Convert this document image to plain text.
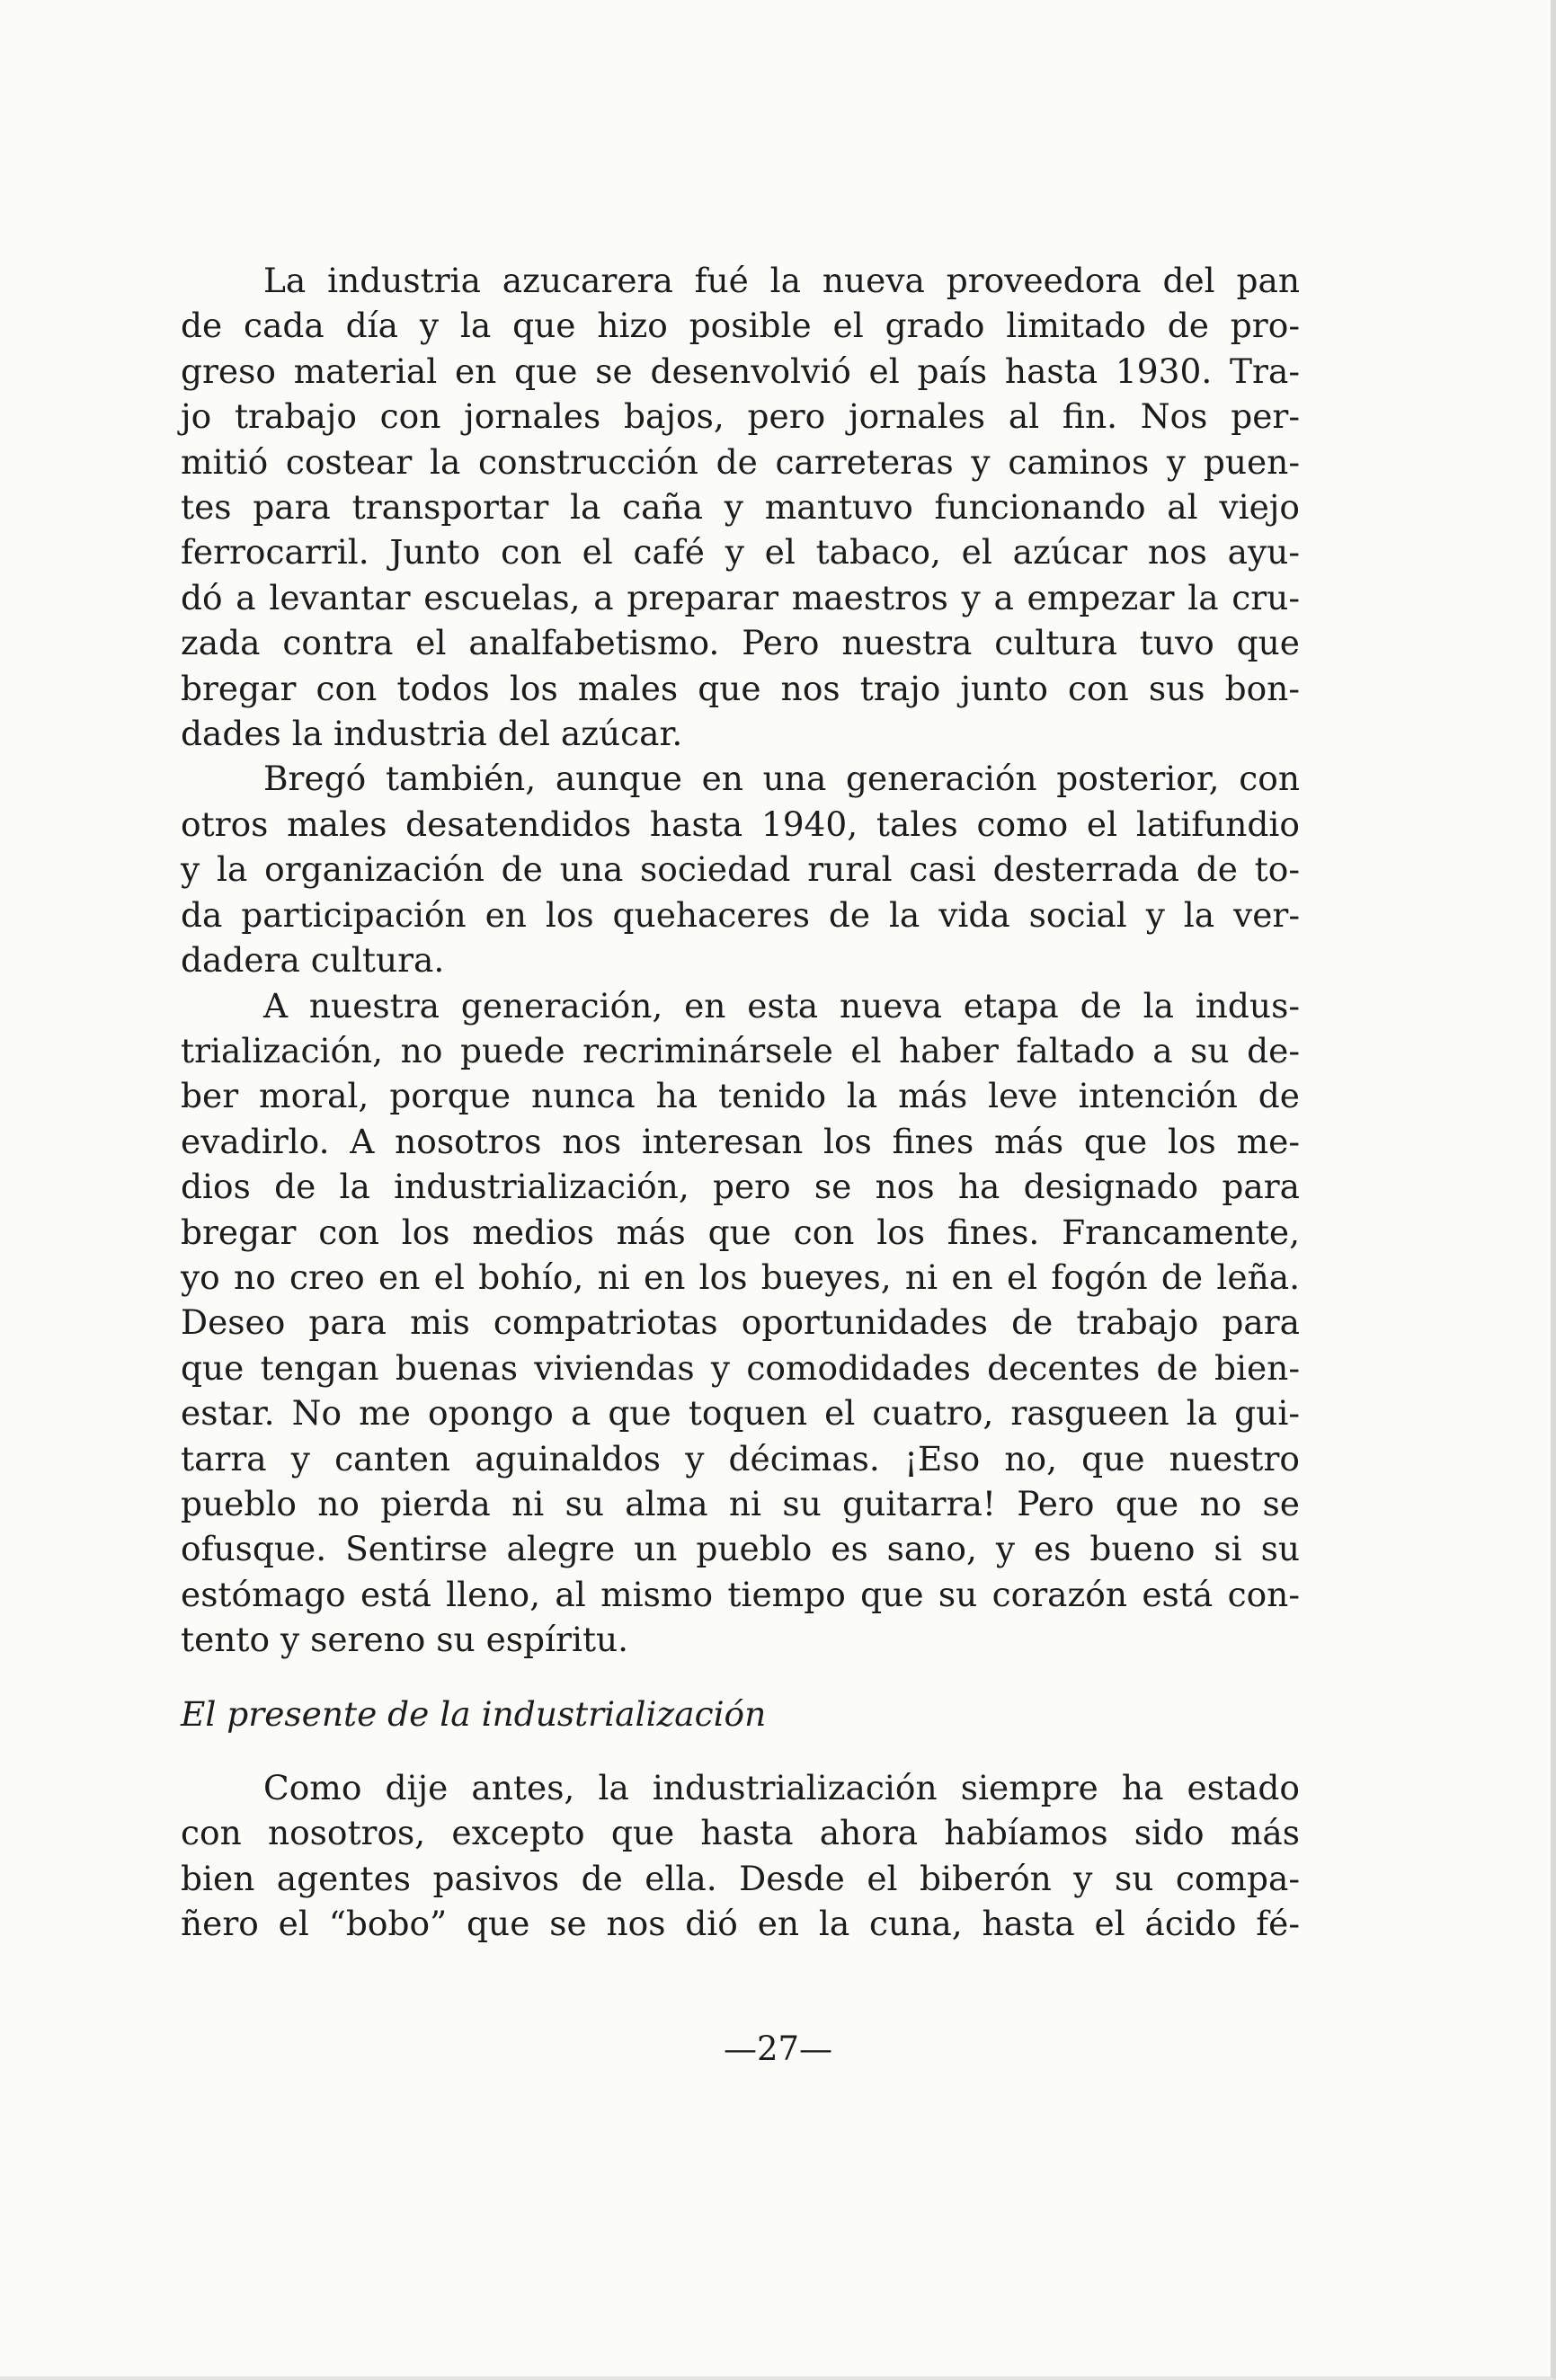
La industria azucarera fué la nueva proveedora del pan
de cada día y la que hizo posible el grado limitado de pro-
greso material en que se desenvolvió el país hasta 1930. Tra-
jo trabajo con jornales bajos, pero jornales al fin. Nos per-
mitió costear la construcción de carreteras y caminos y puen-
tes para transportar la caña y mantuvo funcionando al viejo
ferrocarril. Junto con el café y el tabaco, el azúcar nos ayu-
dó a levantar escuelas, a preparar maestros y a empezar la cru-
zada contra el analfabetismo. Pero nuestra cultura tuvo que
bregar con todos los males que nos trajo junto con sus bon-
dades la industria del azúcar.
Bregó también, aunque en una generación posterior, con
otros males desatendidos hasta 1940, tales como el latifundio
y la organización de una sociedad rural casi desterrada de to-
da participación en los quehaceres de la vida social y la ver-
dadera cultura.
A nuestra generación, en esta nueva etapa de la indus-
trialización, no puede recriminársele el haber faltado a su de-
ber moral, porque nunca ha tenido la más leve intención de
evadirlo. A nosotros nos interesan los fines más que los me-
dios de la industrialización, pero se nos ha designado para
bregar con los medios más que con los fines. Francamente,
yo no creo en el bohío, ni en los bueyes, ni en el fogón de leña.
Deseo para mis compatriotas oportunidades de trabajo para
que tengan buenas viviendas y comodidades decentes de bien-
estar. No me opongo a que toquen el cuatro, rasgueen la gui-
tarra y canten aguinaldos y décimas. ¡Eso no, que nuestro
pueblo no pierda ni su alma ni su guitarra! Pero que no se
ofusque. Sentirse alegre un pueblo es sano, y es bueno si su
estómago está lleno, al mismo tiempo que su corazón está con-
tento y sereno su espíritu.
El presente de la industrialización
Como dije antes, la industrialización siempre ha estado
con nosotros, excepto que hasta ahora habíamos sido más
bien agentes pasivos de ella. Desde el biberón y su compa-
ñero el “bobo” que se nos dió en la cuna, hasta el ácido fé-
—27—
